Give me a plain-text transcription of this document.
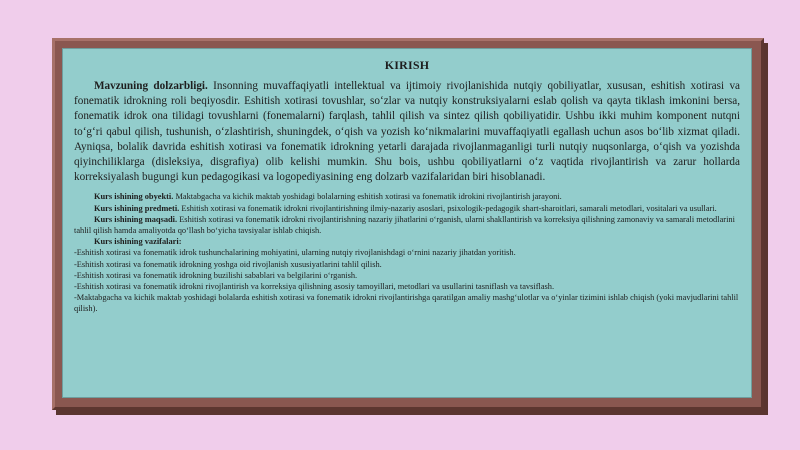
KIRISH

Mavzuning dolzarbligi. Insonning muvaffaqiyatli intellektual va ijtimoiy rivojlanishida nutqiy qobiliyatlar, xususan, eshitish xotirasi va fonematik idrokning roli beqiyosdir. Eshitish xotirasi tovushlar, so‘zlar va nutqiy konstruksiyalarni eslab qolish va qayta tiklash imkonini bersa, fonematik idrok ona tilidagi tovushlarni (fonemalarni) farqlash, tahlil qilish va sintez qilish qobiliyatidir. Ushbu ikki muhim komponent nutqni to‘g‘ri qabul qilish, tushunish, o‘zlashtirish, shuningdek, o‘qish va yozish ko‘nikmalarini muvaffaqiyatli egallash uchun asos bo‘lib xizmat qiladi. Ayniqsa, bolalik davrida eshitish xotirasi va fonematik idrokning yetarli darajada rivojlanmaganligi turli nutqiy nuqsonlarga, o‘qish va yozishda qiyinchiliklarga (disleksiya, disgrafiya) olib kelishi mumkin. Shu bois, ushbu qobiliyatlarni o‘z vaqtida rivojlantirish va zarur hollarda korreksiyalash bugungi kun pedagogikasi va logopediyasining eng dolzarb vazifalaridan biri hisoblanadi.

Kurs ishining obyekti. Maktabgacha va kichik maktab yoshidagi bolalarning eshitish xotirasi va fonematik idrokini rivojlantirish jarayoni.
Kurs ishining predmeti. Eshitish xotirasi va fonematik idrokni rivojlantirishning ilmiy-nazariy asoslari, psixologik-pedagogik shart-sharoitlari, samarali metodlari, vositalari va usullari.
Kurs ishining maqsadi. Eshitish xotirasi va fonematik idrokni rivojlantirishning nazariy jihatlarini o‘rganish, ularni shakllantirish va korreksiya qilishning zamonaviy va samarali metodlarini tahlil qilish hamda amaliyotda qo‘llash bo‘yicha tavsiyalar ishlab chiqish.
Kurs ishining vazifalari:
-Eshitish xotirasi va fonematik idrok tushunchalarining mohiyatini, ularning nutqiy rivojlanishdagi o‘rnini nazariy jihatdan yoritish.
-Eshitish xotirasi va fonematik idrokning yoshga oid rivojlanish xususiyatlarini tahlil qilish.
-Eshitish xotirasi va fonematik idrokning buzilishi sabablari va belgilarini o‘rganish.
-Eshitish xotirasi va fonematik idrokni rivojlantirish va korreksiya qilishning asosiy tamoyillari, metodlari va usullarini tasniflash va tavsiflash.
-Maktabgacha va kichik maktab yoshidagi bolalarda eshitish xotirasi va fonematik idrokni rivojlantirishga qaratilgan amaliy mashg‘ulotlar va o‘yinlar tizimini ishlab chiqish (yoki mavjudlarini tahlil qilish).
